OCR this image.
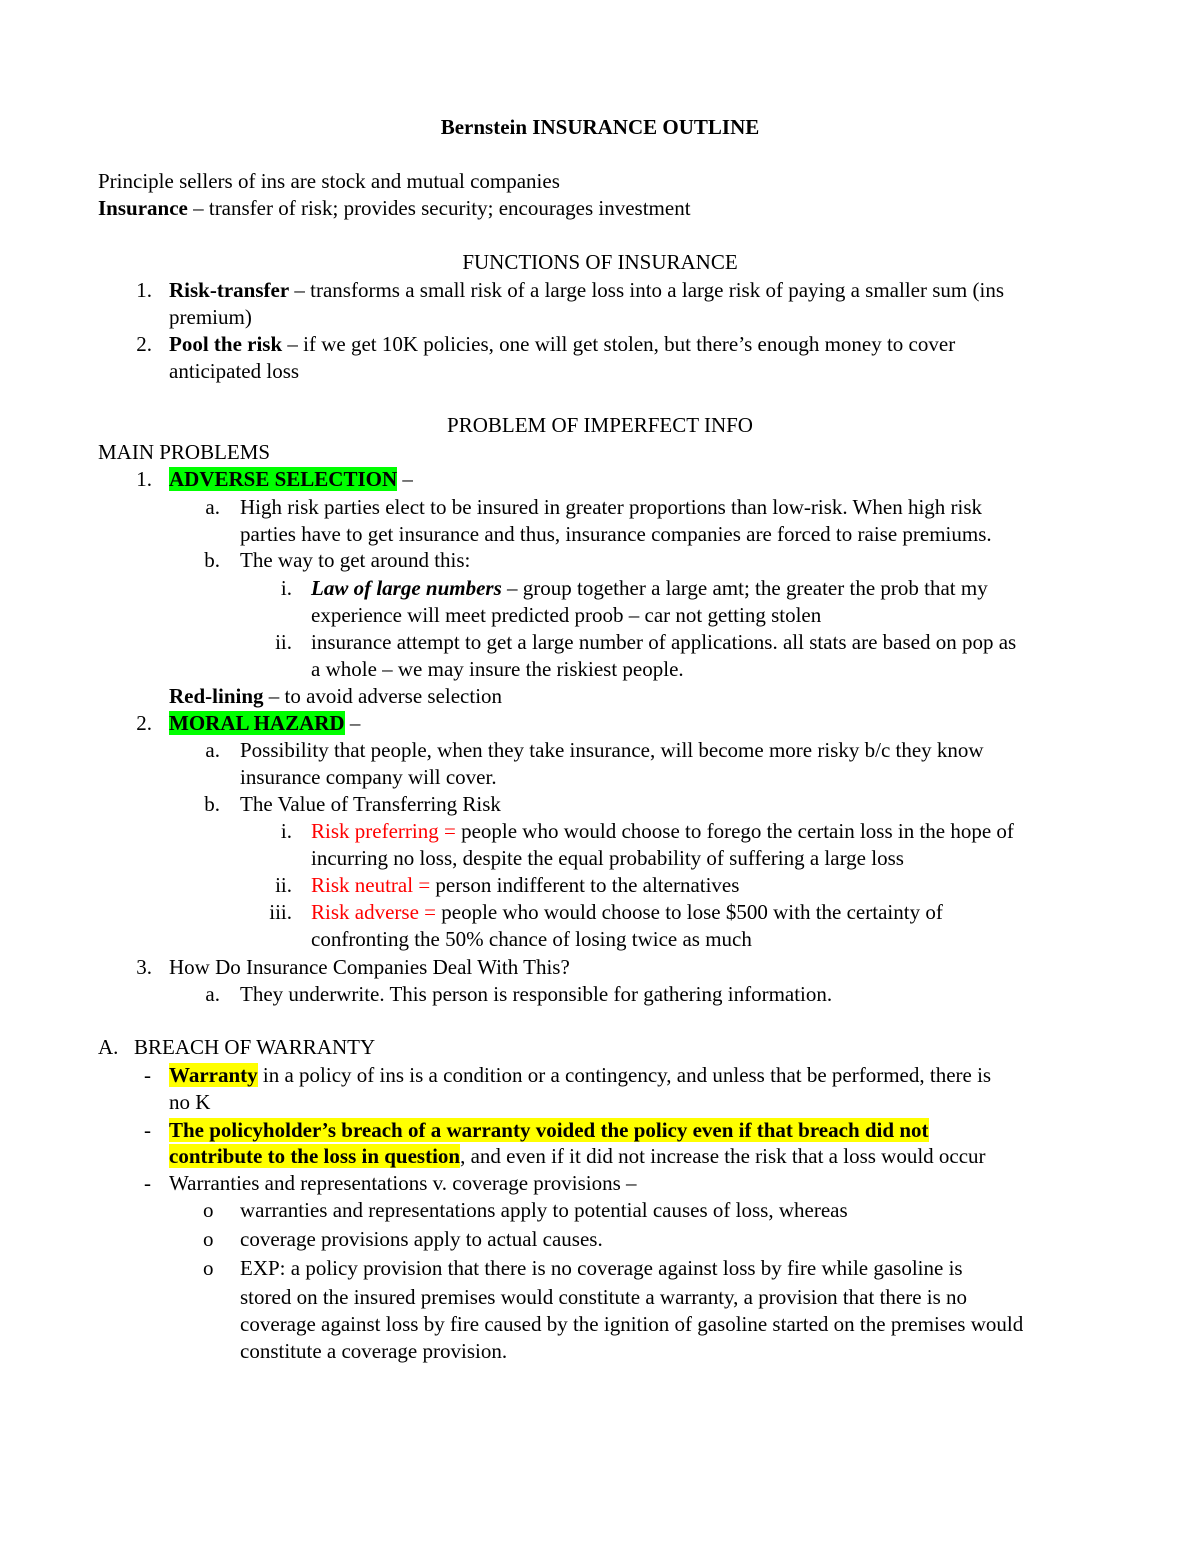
Bernstein INSURANCE OUTLINE
Principle sellers of ins are stock and mutual companies
Insurance – transfer of risk; provides security; encourages investment
FUNCTIONS OF INSURANCE
1. Risk-transfer – transforms a small risk of a large loss into a large risk of paying a smaller sum (ins
premium)
2. Pool the risk – if we get 10K policies, one will get stolen, but there’s enough money to cover
anticipated loss
PROBLEM OF IMPERFECT INFO
MAIN PROBLEMS
1. ADVERSE SELECTION –
a. High risk parties elect to be insured in greater proportions than low-risk. When high risk
parties have to get insurance and thus, insurance companies are forced to raise premiums.
b. The way to get around this:
i. Law of large numbers – group together a large amt; the greater the prob that my
experience will meet predicted proob – car not getting stolen
ii. insurance attempt to get a large number of applications. all stats are based on pop as
a whole – we may insure the riskiest people.
Red-lining – to avoid adverse selection
2. MORAL HAZARD –
a. Possibility that people, when they take insurance, will become more risky b/c they know
insurance company will cover.
b. The Value of Transferring Risk
i. Risk preferring = people who would choose to forego the certain loss in the hope of
incurring no loss, despite the equal probability of suffering a large loss
ii. Risk neutral = person indifferent to the alternatives
iii. Risk adverse = people who would choose to lose $500 with the certainty of
confronting the 50% chance of losing twice as much
3. How Do Insurance Companies Deal With This?
a. They underwrite. This person is responsible for gathering information.
A. BREACH OF WARRANTY
- Warranty in a policy of ins is a condition or a contingency, and unless that be performed, there is
no K
- The policyholder’s breach of a warranty voided the policy even if that breach did not
contribute to the loss in question, and even if it did not increase the risk that a loss would occur
- Warranties and representations v. coverage provisions –
o warranties and representations apply to potential causes of loss, whereas
o coverage provisions apply to actual causes.
o EXP: a policy provision that there is no coverage against loss by fire while gasoline is
stored on the insured premises would constitute a warranty, a provision that there is no
coverage against loss by fire caused by the ignition of gasoline started on the premises would
constitute a coverage provision.
